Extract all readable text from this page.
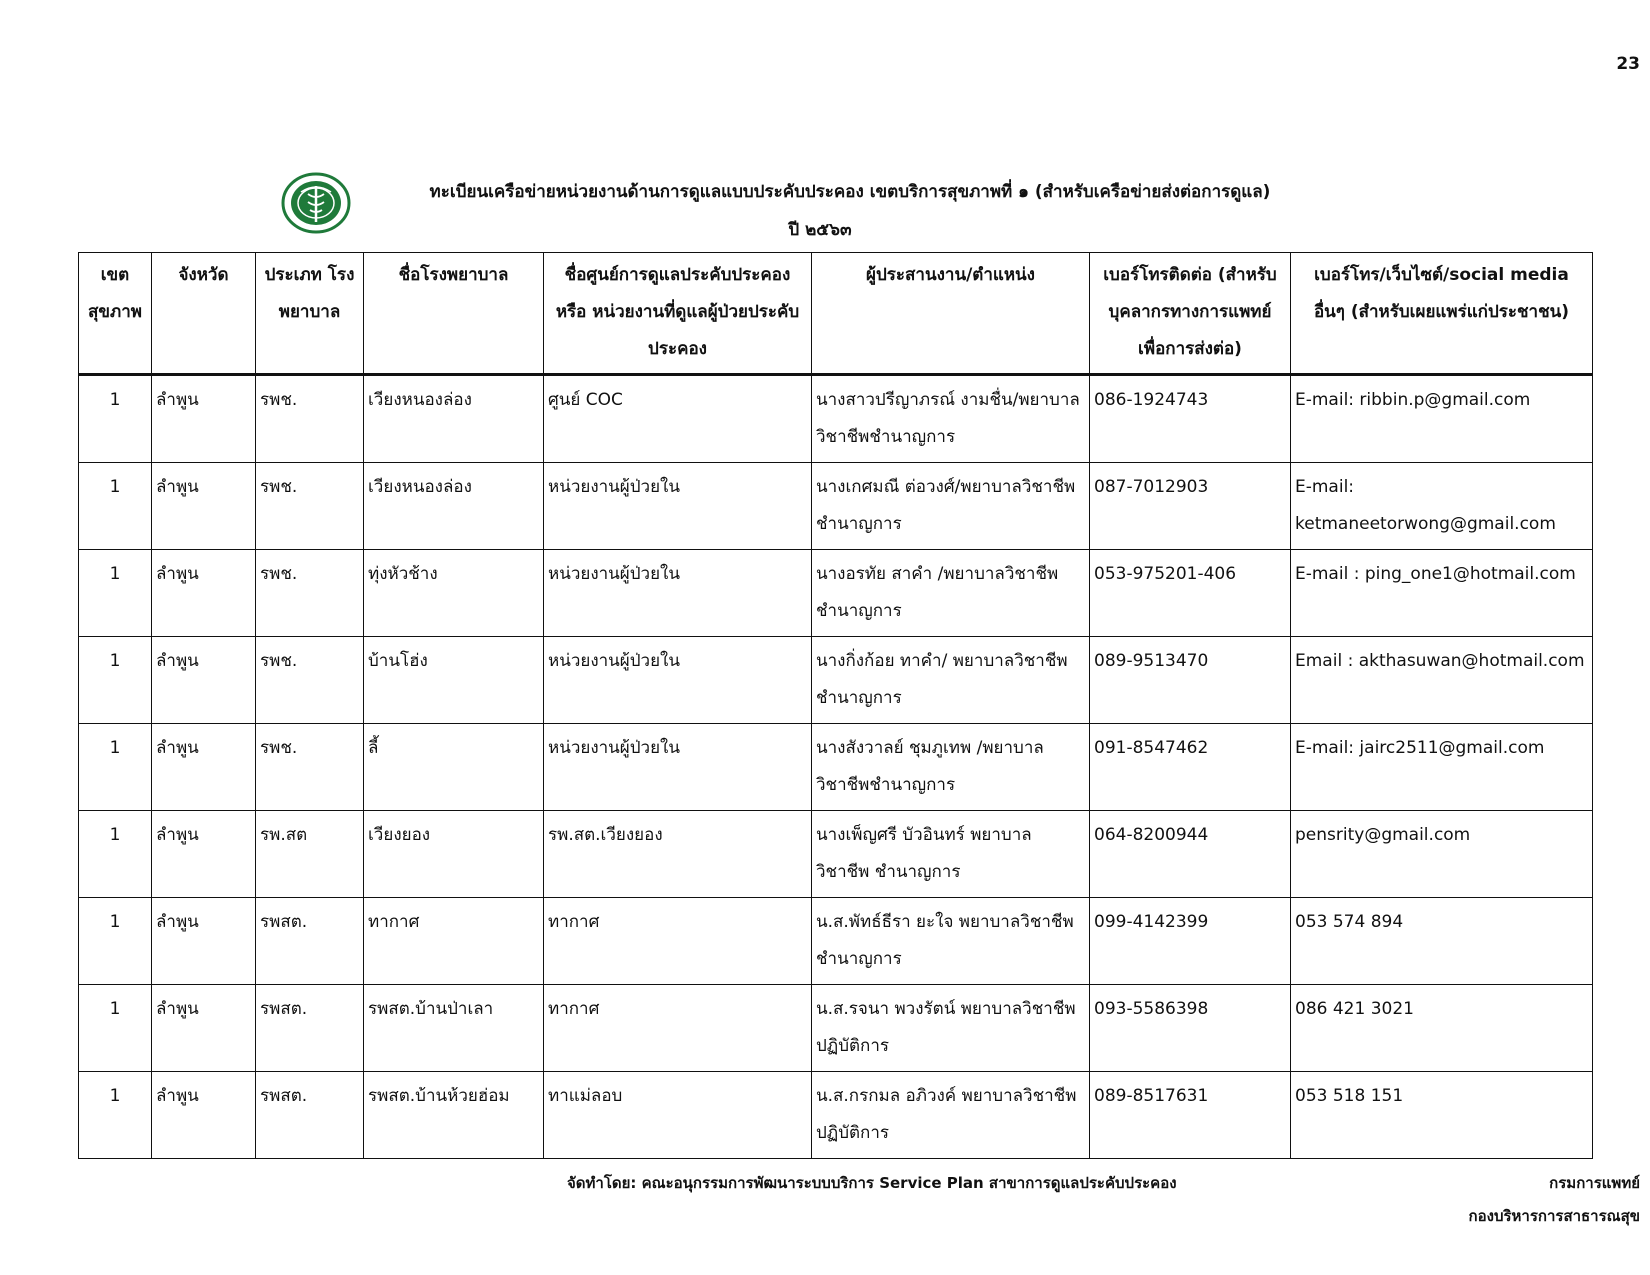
23
ทะเบียนเครือข่ายหน่วยงานด้านการดูแลแบบประคับประคอง เขตบริการสุขภาพที่ ๑ (สำหรับเครือข่ายส่งต่อการดูแล)
ปี ๒๕๖๓
เขต สุขภาพ	จังหวัด	ประเภท โรงพยาบาล	ชื่อโรงพยาบาล	ชื่อศูนย์การดูแลประคับประคอง หรือ หน่วยงานที่ดูแลผู้ป่วยประคับประคอง	ผู้ประสานงาน/ตำแหน่ง	เบอร์โทรติดต่อ (สำหรับบุคลากรทางการแพทย์เพื่อการส่งต่อ)	เบอร์โทร/เว็บไซต์/social media อื่นๆ (สำหรับเผยแพร่แก่ประชาชน)
1	ลำพูน	รพช.	เวียงหนองล่อง	ศูนย์ COC	นางสาวปรีญาภรณ์ งามชื่น/พยาบาลวิชาชีพชำนาญการ	086-1924743	E-mail: ribbin.p@gmail.com
1	ลำพูน	รพช.	เวียงหนองล่อง	หน่วยงานผู้ป่วยใน	นางเกศมณี ต่อวงศ์/พยาบาลวิชาชีพชำนาญการ	087-7012903	E-mail: ketmaneetorwong@gmail.com
1	ลำพูน	รพช.	ทุ่งหัวช้าง	หน่วยงานผู้ป่วยใน	นางอรทัย สาคำ /พยาบาลวิชาชีพชำนาญการ	053-975201-406	E-mail : ping_one1@hotmail.com
1	ลำพูน	รพช.	บ้านโฮ่ง	หน่วยงานผู้ป่วยใน	นางกิ่งก้อย ทาคำ/ พยาบาลวิชาชีพชำนาญการ	089-9513470	Email : akthasuwan@hotmail.com
1	ลำพูน	รพช.	ลี้	หน่วยงานผู้ป่วยใน	นางสังวาลย์ ชุมภูเทพ /พยาบาลวิชาชีพชำนาญการ	091-8547462	E-mail: jairc2511@gmail.com
1	ลำพูน	รพ.สต	เวียงยอง	รพ.สต.เวียงยอง	นางเพ็ญศรี บัวอินทร์ พยาบาลวิชาชีพ ชำนาญการ	064-8200944	pensrity@gmail.com
1	ลำพูน	รพสต.	ทากาศ	ทากาศ	น.ส.พัทธ์ธีรา ยะใจ พยาบาลวิชาชีพชำนาญการ	099-4142399	053 574 894
1	ลำพูน	รพสต.	รพสต.บ้านป่าเลา	ทากาศ	น.ส.รจนา พวงรัตน์ พยาบาลวิชาชีพปฏิบัติการ	093-5586398	086 421 3021
1	ลำพูน	รพสต.	รพสต.บ้านห้วยฮ่อม	ทาแม่ลอบ	น.ส.กรกมล อภิวงค์ พยาบาลวิชาชีพปฏิบัติการ	089-8517631	053 518 151
จัดทำโดย: คณะอนุกรรมการพัฒนาระบบบริการ Service Plan สาขาการดูแลประคับประคอง	กรมการแพทย์
กองบริหารการสาธารณสุข
